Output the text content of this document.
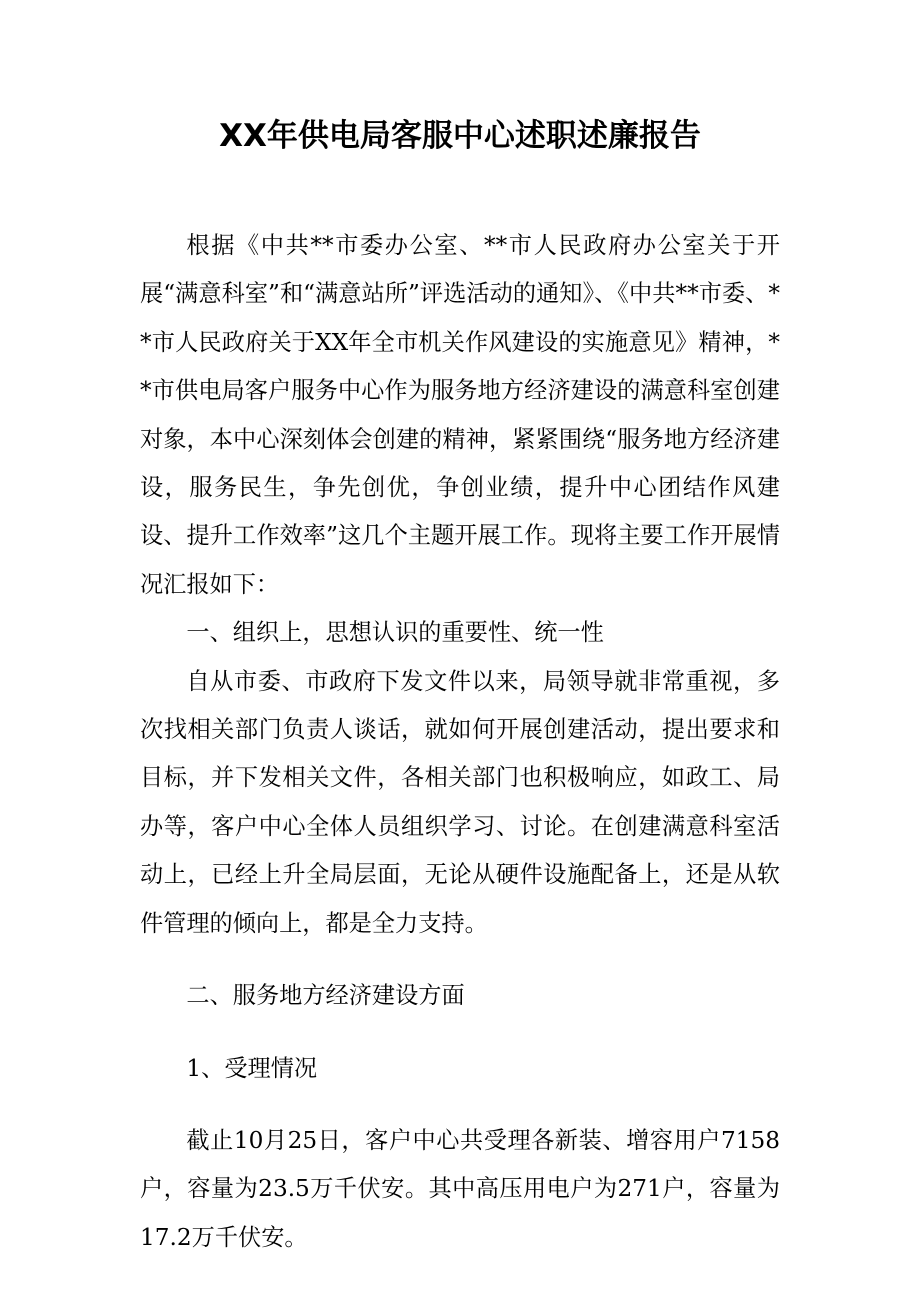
XX年供电局客服中心述职述廉报告

根据《中共**市委办公室、**市人民政府办公室关于开展“满意科室”和“满意站所”评选活动的通知》、《中共**市委、**市人民政府关于XX年全市机关作风建设的实施意见》精神，**市供电局客户服务中心作为服务地方经济建设的满意科室创建对象，本中心深刻体会创建的精神，紧紧围绕“服务地方经济建设，服务民生，争先创优，争创业绩，提升中心团结作风建设、提升工作效率”这几个主题开展工作。现将主要工作开展情况汇报如下：

一、组织上，思想认识的重要性、统一性

自从市委、市政府下发文件以来，局领导就非常重视，多次找相关部门负责人谈话，就如何开展创建活动，提出要求和目标，并下发相关文件，各相关部门也积极响应，如政工、局办等，客户中心全体人员组织学习、讨论。在创建满意科室活动上，已经上升全局层面，无论从硬件设施配备上，还是从软件管理的倾向上，都是全力支持。

二、服务地方经济建设方面

1、受理情况

截止10月25日，客户中心共受理各新装、增容用户7158户，容量为23.5万千伏安。其中高压用电户为271户，容量为17.2万千伏安。
